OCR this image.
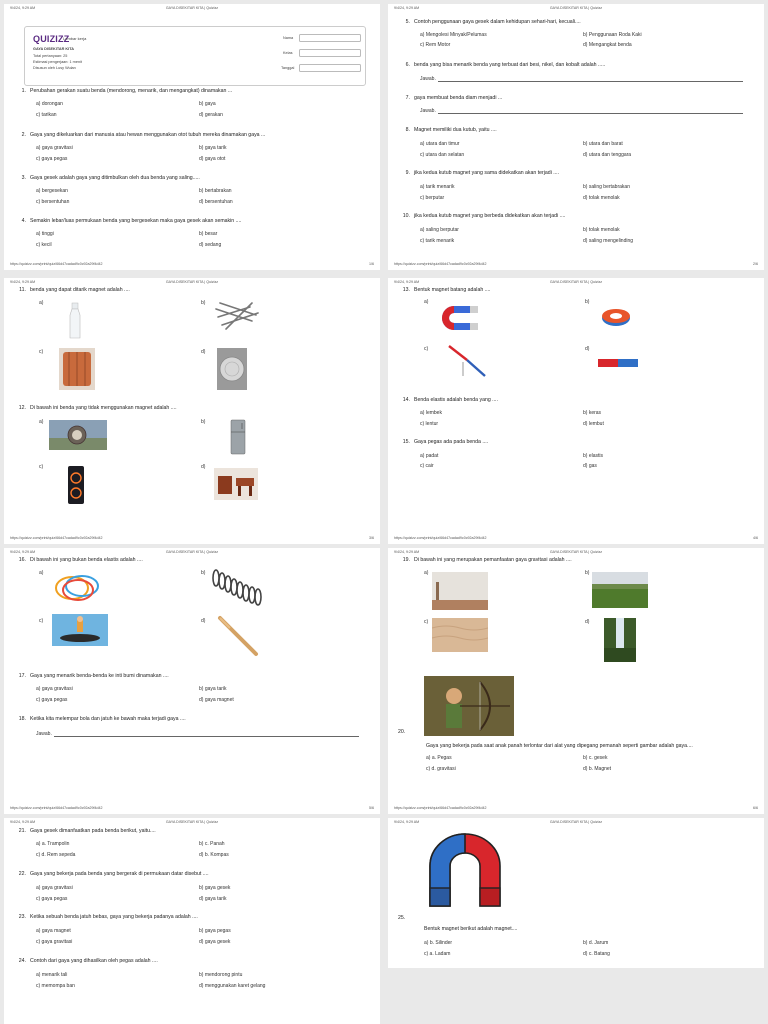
9/4/24, 9:29 AM	GAYA DISEKITAR KITA | Quizizz
QUIZIZZ
Lembar kerja
GAYA DISEKITAR KITA
Total pertanyaan: 25
Estimasi pengerjaan: 1 menit
Disusun oleh Lusy Wulan
Nama
Kelas
Tanggal
1. Perubahan gerakan suatu benda (mendorong, menarik, dan mengangkat) dinamakan ...
a) dorongan	b) gaya
c) tarikan	d) gerakan
2. Gaya yang dikeluarkan dari manusia atau hewan menggunakan otot tubuh mereka dinamakan gaya ...
a) gaya gravitasi	b) gaya tarik
c) gaya pegas	d) gaya otot
3. Gaya gesek adalah gaya yang ditimbulkan oleh dua benda yang saling.....
a) bergesekan	b) bertabrakan
c) bersentuhan	d) bersentuhan
4. Semakin lebar/luas permukaan benda yang bergesekan maka gaya gesek akan semakin ....
a) tinggi	b) besar
c) kecil	d) sedang
https://quizizz.com/print/quiz/66d47cadad9c0c92a29f4d42	1/6
9/4/24, 9:29 AM	GAYA DISEKITAR KITA | Quizizz
5. Contoh penggunaan gaya gesek dalam kehidupan sehari-hari, kecuali....
a) Mengolesi Minyak/Pelumas	b) Penggunaan Roda Kaki
c) Rem Motor	d) Mengangkat benda
6. benda yang bisa menarik benda yang terbuat dari besi, nikel, dan kobalt adalah .....
Jawab.
7. gaya membuat benda diam menjadi ...
Jawab.
8. Magnet memiliki dua kutub, yaitu ....
a) utara dan timur	b) utara dan barat
c) utara dan selatan	d) utara dan tenggara
9. jika kedua kutub magnet yang sama didekatkan akan terjadi ....
a) tarik menarik	b) saling bertabrakan
c) berputar	d) tolak menolak
10. jika kedua kutub magnet yang berbeda didekatkan akan terjadi ....
a) saling berputar	b) tolak menolak
c) tarik menarik	d) saling mengelinding
https://quizizz.com/print/quiz/66d47cadad9c0c92a29f4d42	2/6
9/4/24, 9:29 AM	GAYA DISEKITAR KITA | Quizizz
11. benda yang dapat ditarik magnet adalah ....
a)	b)
c)	d)
12. Di bawah ini benda yang tidak menggunakan magnet adalah ....
a)	b)
c)	d)
https://quizizz.com/print/quiz/66d47cadad9c0c92a29f4d42	3/6
9/4/24, 9:29 AM	GAYA DISEKITAR KITA | Quizizz
13. Bentuk magnet batang adalah ....
a)	b)
c)	d)
14. Benda elastis adalah benda yang ....
a) lembek	b) keras
c) lentur	d) lembut
15. Gaya pegas ada pada benda ....
a) padat	b) elastis
c) cair	d) gas
https://quizizz.com/print/quiz/66d47cadad9c0c92a29f4d42	4/6
9/4/24, 9:29 AM	GAYA DISEKITAR KITA | Quizizz
16. Di bawah ini yang bukan benda elastis adalah ....
a)	b)
c)	d)
17. Gaya yang menarik benda-benda ke inti bumi dinamakan ....
a) gaya gravitasi	b) gaya tarik
c) gaya pegas	d) gaya magnet
18. Ketika kita melempar bola dan jatuh ke bawah maka terjadi gaya ....
Jawab.
https://quizizz.com/print/quiz/66d47cadad9c0c92a29f4d42	5/6
9/4/24, 9:29 AM	GAYA DISEKITAR KITA | Quizizz
19. Di bawah ini yang merupakan pemanfaatan gaya gravitasi adalah ....
a)	b)
c)	d)
20.
Gaya yang bekerja pada saat anak panah terlontar dari alat yang dipegang pemanah seperti gambar adalah gaya....
a) a. Pegas	b) c. gesek
c) d. gravitasi	d) b. Magnet
https://quizizz.com/print/quiz/66d47cadad9c0c92a29f4d42	6/6
9/4/24, 9:29 AM	GAYA DISEKITAR KITA | Quizizz
21. Gaya gesek dimanfaatkan pada benda berikut, yaitu....
a) a. Trampolin	b) c. Panah
c) d. Rem sepeda	d) b. Kompas
22. Gaya yang bekerja pada benda yang bergerak di permukaan datar disebut ....
a) gaya gravitasi	b) gaya gesek
c) gaya pegas	d) gaya tarik
23. Ketika sebuah benda jatuh bebas, gaya yang bekerja padanya adalah ....
a) gaya magnet	b) gaya pegas
c) gaya gravitasi	d) gaya gesek
24. Contoh dari gaya yang dihasilkan oleh pegas adalah ....
a) menarik tali	b) mendorong pintu
c) memompa ban	d) menggunakan karet gelang
9/4/24, 9:29 AM	GAYA DISEKITAR KITA | Quizizz
25.
Bentuk magnet berikut adalah magnet....
a) b. Silinder	b) d. Jarum
c) a. Ladam	d) c. Batang
